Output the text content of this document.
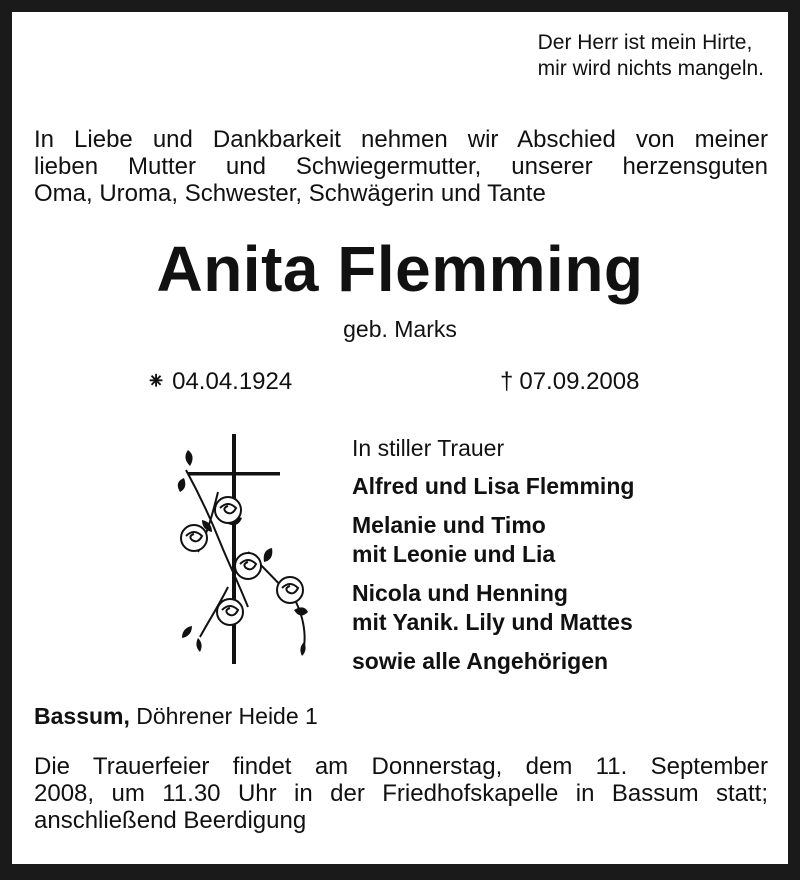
Der Herr ist mein Hirte,
mir wird nichts mangeln.
In Liebe und Dankbarkeit nehmen wir Abschied von meiner
lieben Mutter und Schwiegermutter, unserer herzensguten
Oma, Uroma, Schwester, Schwägerin und Tante
Anita Flemming
geb. Marks
⁕ 04.04.1924	† 07.09.2008
In stiller Trauer
Alfred und Lisa Flemming
Melanie und Timo
mit Leonie und Lia
Nicola und Henning
mit Yanik. Lily und Mattes
sowie alle Angehörigen
Bassum, Döhrener Heide 1
Die Trauerfeier findet am Donnerstag, dem 11. September
2008, um 11.30 Uhr in der Friedhofskapelle in Bassum statt;
anschließend Beerdigung
